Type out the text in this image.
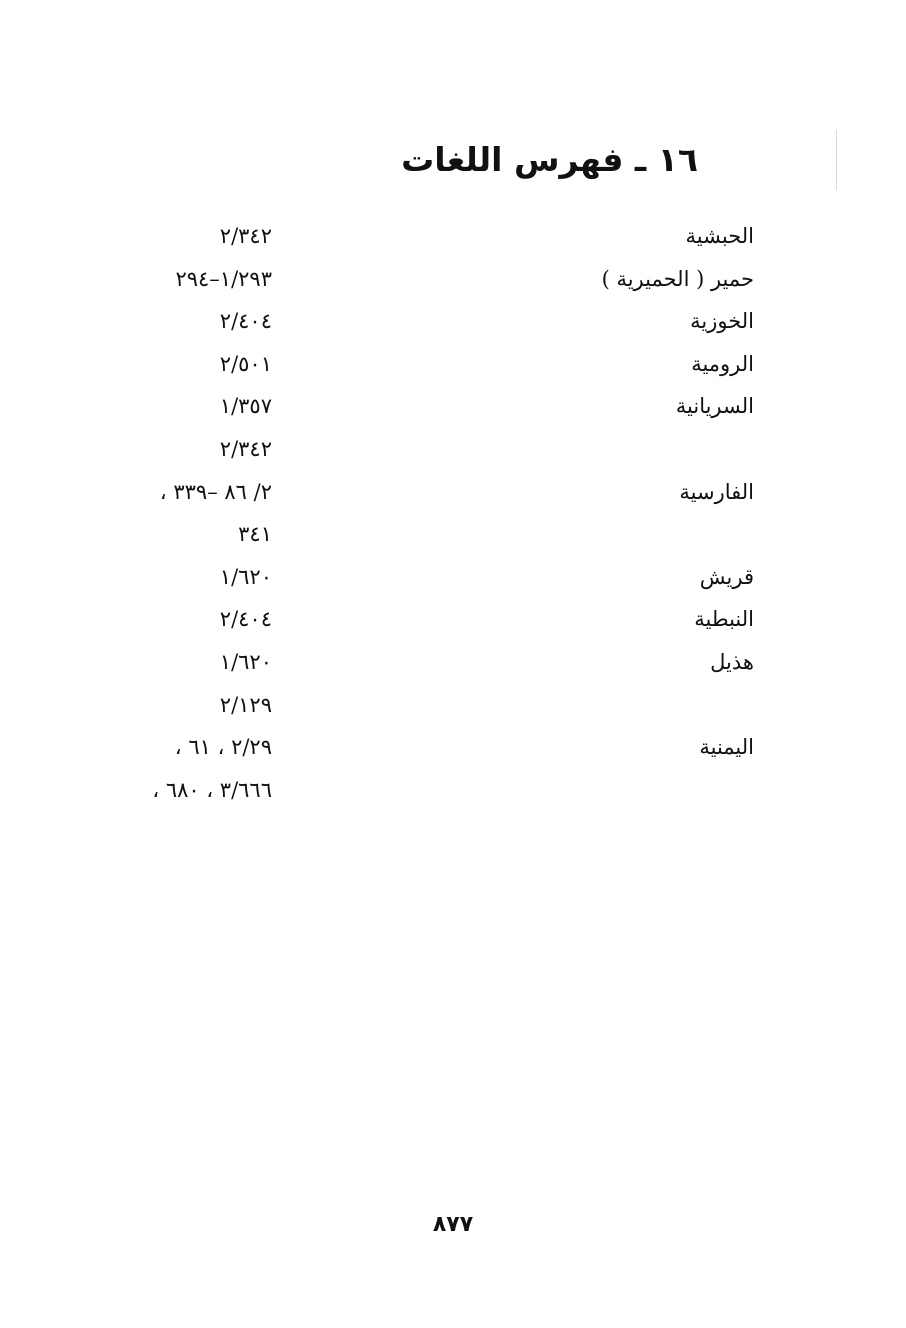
١٦ ـ فهرس اللغات
الحبشية
٢/٣٤٢
حمير ( الحميرية )
١/٢٩٣–٢٩٤
الخوزية
٢/٤٠٤
الرومية
٢/٥٠١
السريانية
١/٣٥٧
٢/٣٤٢
الفارسية
٢/ ٨٦ –٣٣٩ ،
٣٤١
قريش
١/٦٢٠
النبطية
٢/٤٠٤
هذيل
١/٦٢٠
٢/١٢٩
اليمنية
٢/٢٩ ، ٦١ ،
٣/٦٦٦ ، ٦٨٠ ،
٨٧٧
